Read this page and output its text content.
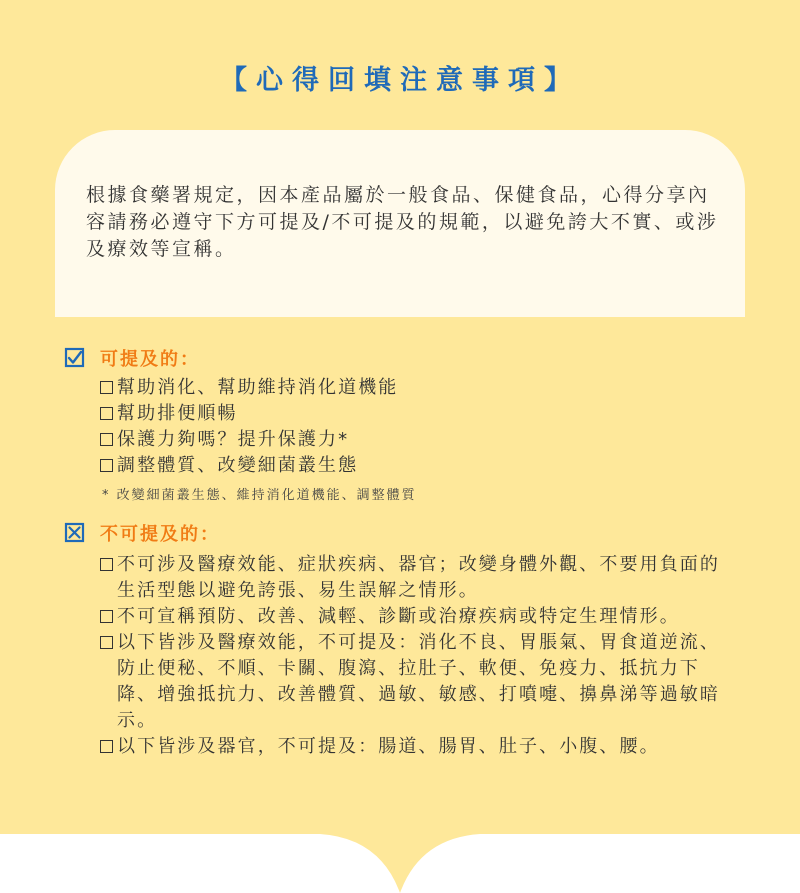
【心得回填注意事項】
根據食藥署規定，因本產品屬於一般食品、保健食品，心得分享內容請務必遵守下方可提及/不可提及的規範，以避免誇大不實、或涉及療效等宣稱。
可提及的：
幫助消化、幫助維持消化道機能
幫助排便順暢
保護力夠嗎？提升保護力*
調整體質、改變細菌叢生態
* 改變細菌叢生態、維持消化道機能、調整體質
不可提及的：
不可涉及醫療效能、症狀疾病、器官；改變身體外觀、不要用負面的生活型態以避免誇張、易生誤解之情形。
不可宣稱預防、改善、減輕、診斷或治療疾病或特定生理情形。
以下皆涉及醫療效能，不可提及：消化不良、胃脹氣、胃食道逆流、防止便秘、不順、卡關、腹瀉、拉肚子、軟便、免疫力、抵抗力下降、增強抵抗力、改善體質、過敏、敏感、打噴嚏、擤鼻涕等過敏暗示。
以下皆涉及器官，不可提及：腸道、腸胃、肚子、小腹、腰。
